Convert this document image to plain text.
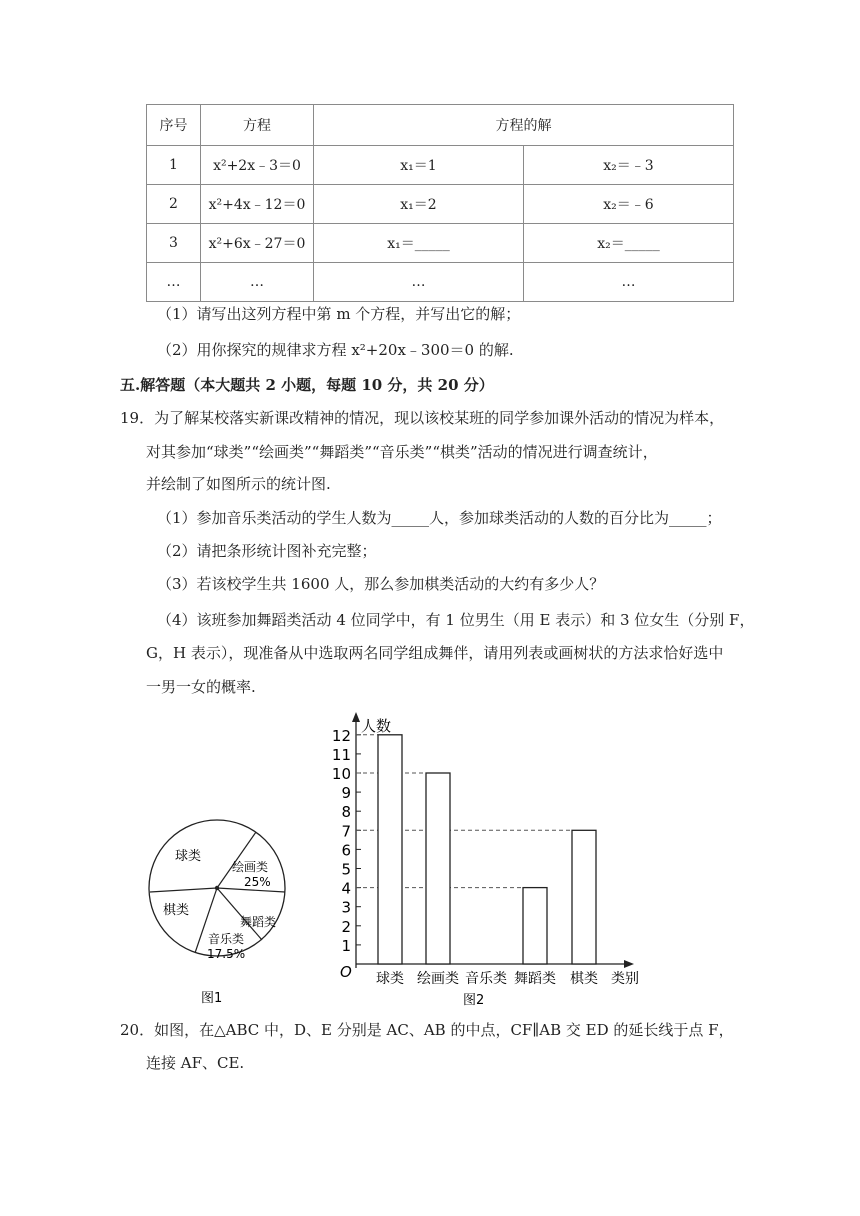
序号	方程	方程的解	
1	x²+2x﹣3＝0	x₁＝1	x₂＝﹣3
2	x²+4x﹣12＝0	x₁＝2	x₂＝﹣6
3	x²+6x﹣27＝0	x₁＝_____	x₂＝_____
…	…	…	…
（1）请写出这列方程中第 m 个方程，并写出它的解；
（2）用你探究的规律求方程 x²+20x﹣300＝0 的解.
五.解答题（本大题共 2 小题，每题 10 分，共 20 分）
19．为了解某校落实新课改精神的情况，现以该校某班的同学参加课外活动的情况为样本，
对其参加“球类”“绘画类”“舞蹈类”“音乐类”“棋类”活动的情况进行调查统计，
并绘制了如图所示的统计图.
（1）参加音乐类活动的学生人数为_____人，参加球类活动的人数的百分比为_____；
（2）请把条形统计图补充完整；
（3）若该校学生共 1600 人，那么参加棋类活动的大约有多少人？
（4）该班参加舞蹈类活动 4 位同学中，有 1 位男生（用 E 表示）和 3 位女生（分别 F，
G，H 表示），现准备从中选取两名同学组成舞伴，请用列表或画树状的方法求恰好选中
一男一女的概率.
球类
绘画类 25%
舞蹈类
音乐类 17.5%
棋类
图1
人数
类别
O
1
2
3
4
5
6
7
8
9
10
11
12
球类 绘画类 音乐类 舞蹈类 棋类
图2
20．如图，在△ABC 中，D、E 分别是 AC、AB 的中点，CF∥AB 交 ED 的延长线于点 F，
连接 AF、CE.
